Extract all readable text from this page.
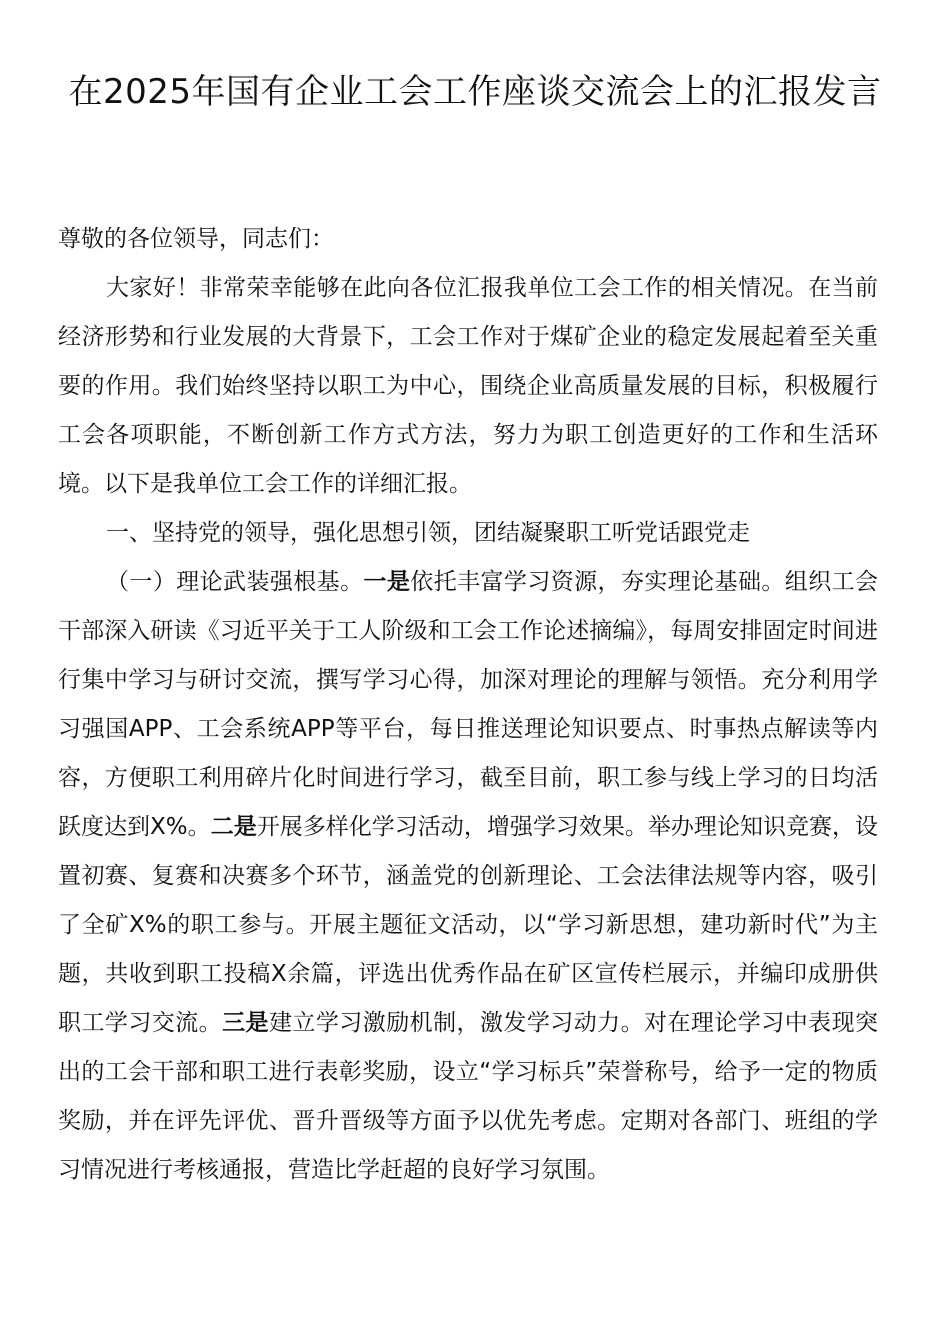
在2025年国有企业工会工作座谈交流会上的汇报发言

尊敬的各位领导，同志们：

大家好！非常荣幸能够在此向各位汇报我单位工会工作的相关情况。在当前经济形势和行业发展的大背景下，工会工作对于煤矿企业的稳定发展起着至关重要的作用。我们始终坚持以职工为中心，围绕企业高质量发展的目标，积极履行工会各项职能，不断创新工作方式方法，努力为职工创造更好的工作和生活环境。以下是我单位工会工作的详细汇报。

一、坚持党的领导，强化思想引领，团结凝聚职工听党话跟党走

（一）理论武装强根基。一是依托丰富学习资源，夯实理论基础。组织工会干部深入研读《习近平关于工人阶级和工会工作论述摘编》，每周安排固定时间进行集中学习与研讨交流，撰写学习心得，加深对理论的理解与领悟。充分利用学习强国APP、工会系统APP等平台，每日推送理论知识要点、时事热点解读等内容，方便职工利用碎片化时间进行学习，截至目前，职工参与线上学习的日均活跃度达到X%。二是开展多样化学习活动，增强学习效果。举办理论知识竞赛，设置初赛、复赛和决赛多个环节，涵盖党的创新理论、工会法律法规等内容，吸引了全矿X%的职工参与。开展主题征文活动，以“学习新思想，建功新时代”为主题，共收到职工投稿X余篇，评选出优秀作品在矿区宣传栏展示，并编印成册供职工学习交流。三是建立学习激励机制，激发学习动力。对在理论学习中表现突出的工会干部和职工进行表彰奖励，设立“学习标兵”荣誉称号，给予一定的物质奖励，并在评先评优、晋升晋级等方面予以优先考虑。定期对各部门、班组的学习情况进行考核通报，营造比学赶超的良好学习氛围。
